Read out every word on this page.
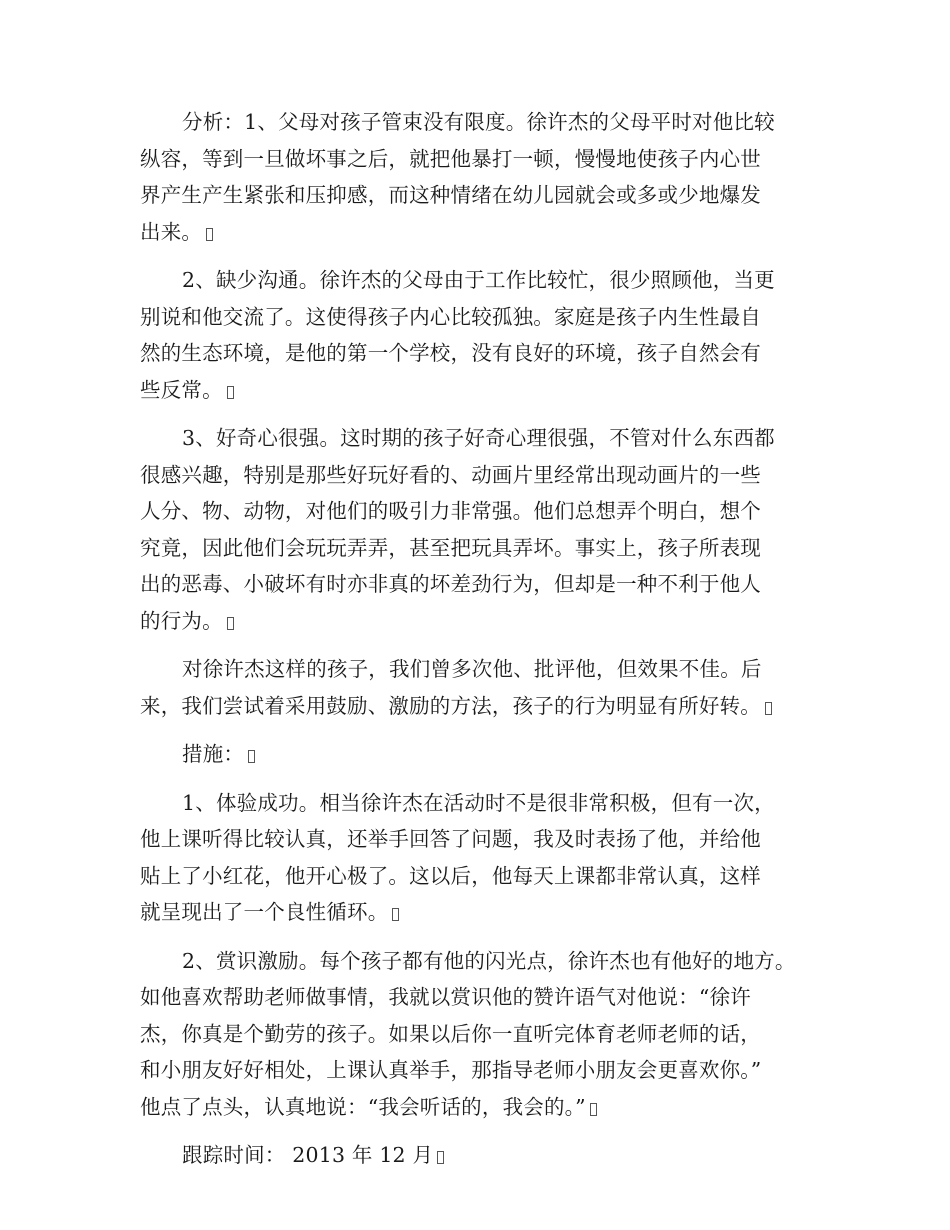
分析：1、父母对孩子管束没有限度。徐许杰的父母平时对他比较
纵容，等到一旦做坏事之后，就把他暴打一顿，慢慢地使孩子内心世
界产生产生紧张和压抑感，而这种情绪在幼儿园就会或多或少地爆发
出来。

2、缺少沟通。徐许杰的父母由于工作比较忙，很少照顾他，当更
别说和他交流了。这使得孩子内心比较孤独。家庭是孩子内生性最自
然的生态环境，是他的第一个学校，没有良好的环境，孩子自然会有
些反常。

3、好奇心很强。这时期的孩子好奇心理很强，不管对什么东西都
很感兴趣，特别是那些好玩好看的、动画片里经常出现动画片的一些
人分、物、动物，对他们的吸引力非常强。他们总想弄个明白，想个
究竟，因此他们会玩玩弄弄，甚至把玩具弄坏。事实上，孩子所表现
出的恶毒、小破坏有时亦非真的坏差劲行为，但却是一种不利于他人
的行为。

对徐许杰这样的孩子，我们曾多次他、批评他，但效果不佳。后
来，我们尝试着采用鼓励、激励的方法，孩子的行为明显有所好转。

措施：

1、体验成功。相当徐许杰在活动时不是很非常积极，但有一次，
他上课听得比较认真，还举手回答了问题，我及时表扬了他，并给他
贴上了小红花，他开心极了。这以后，他每天上课都非常认真，这样
就呈现出了一个良性循环。

2、赏识激励。每个孩子都有他的闪光点，徐许杰也有他好的地方。
如他喜欢帮助老师做事情，我就以赏识他的赞许语气对他说：“徐许
杰，你真是个勤劳的孩子。如果以后你一直听完体育老师老师的话，
和小朋友好好相处，上课认真举手，那指导老师小朋友会更喜欢你。”
他点了点头，认真地说：“我会听话的，我会的。”

跟踪时间： 2013 年 12 月
